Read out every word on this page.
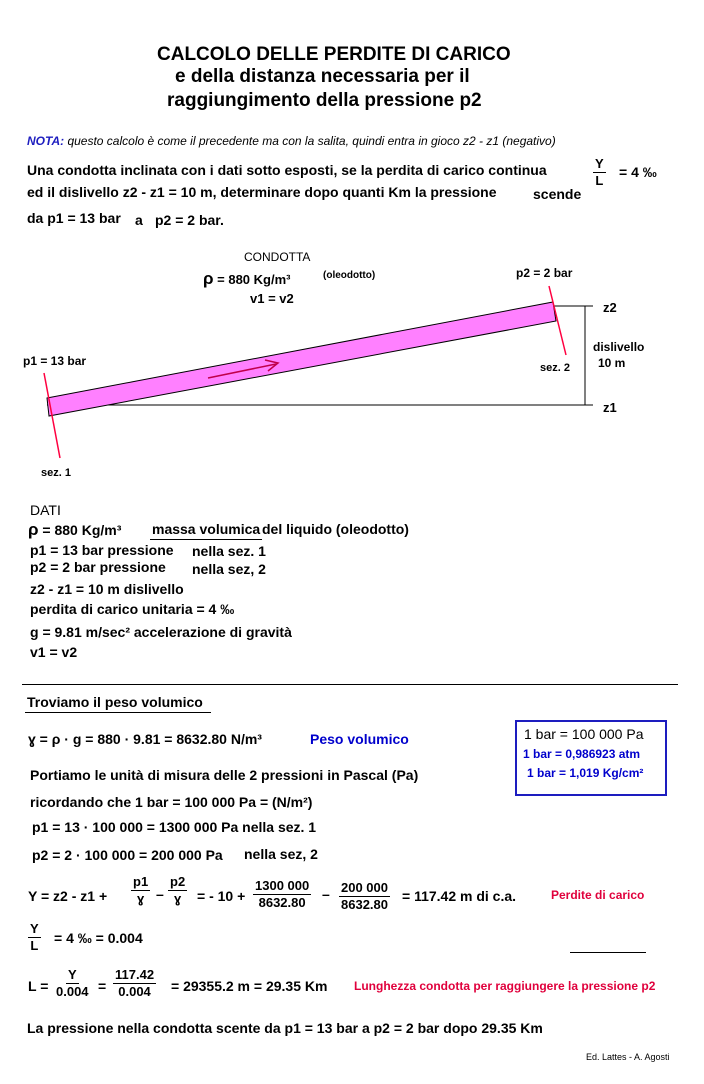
CALCOLO DELLE PERDITE DI CARICO
e della distanza necessaria per il
raggiungimento della pressione p2
NOTA: questo calcolo è come il precedente ma con la salita, quindi entra in gioco z2 - z1 (negativo)
Una condotta inclinata con i dati sotto esposti, se la perdita di carico continua	$\frac{Y}{L} = 4$ ‰
ed il dislivello z2 - z1 = 10 m, determinare dopo quanti Km la pressione	scende
da p1 = 13 bar a p2 = 2 bar.
CONDOTTA
ρ = 880 Kg/m³	(oleodotto)
v1 = v2
p2 = 2 bar
p1 = 13 bar
z2
z1
dislivello
10 m
sez. 1
sez. 2
DATI
ρ = 880 Kg/m³ massa volumica del liquido (oleodotto)
p1 = 13 bar pressione nella sez. 1
p2 = 2 bar pressione nella sez, 2
z2 - z1 = 10 m dislivello
perdita di carico unitaria = 4 ‰
g = 9.81 m/sec² accelerazione di gravità
v1 = v2
Troviamo il peso volumico
ɣ = ρ · g = 880 · 9.81 = 8632.80 N/m³	Peso volumico	1 bar = 100 000 Pa
1 bar = 0,986923 atm
1 bar = 1,019 Kg/cm²
Portiamo le unità di misura delle 2 pressioni in Pascal (Pa)
ricordando che 1 bar = 100 000 Pa = (N/m²)
p1 = 13 · 100 000 = 1300 000 Pa nella sez. 1
p2 = 2 · 100 000 = 200 000 Pa nella sez, 2
$Y = z2 - z1 + \frac{p1}{\text{ɣ}} - \frac{p2}{\text{ɣ}}$ = - $10 + \frac{1300 000}{8632.80} - \frac{200 000}{8632.80} = 117.42$ m di c.a.	Perdite di carico
$\frac{Y}{L} = 4$ ‰ = 0.004
$L = \frac{Y}{0.004} = \frac{117.42}{0.004} = 29355.2$ m = 29.35 Km Lunghezza condotta per raggiungere la pressione p2
La pressione nella condotta scente da p1 = 13 bar a p2 = 2 bar dopo 29.35 Km
Ed. Lattes - A. Agosti
